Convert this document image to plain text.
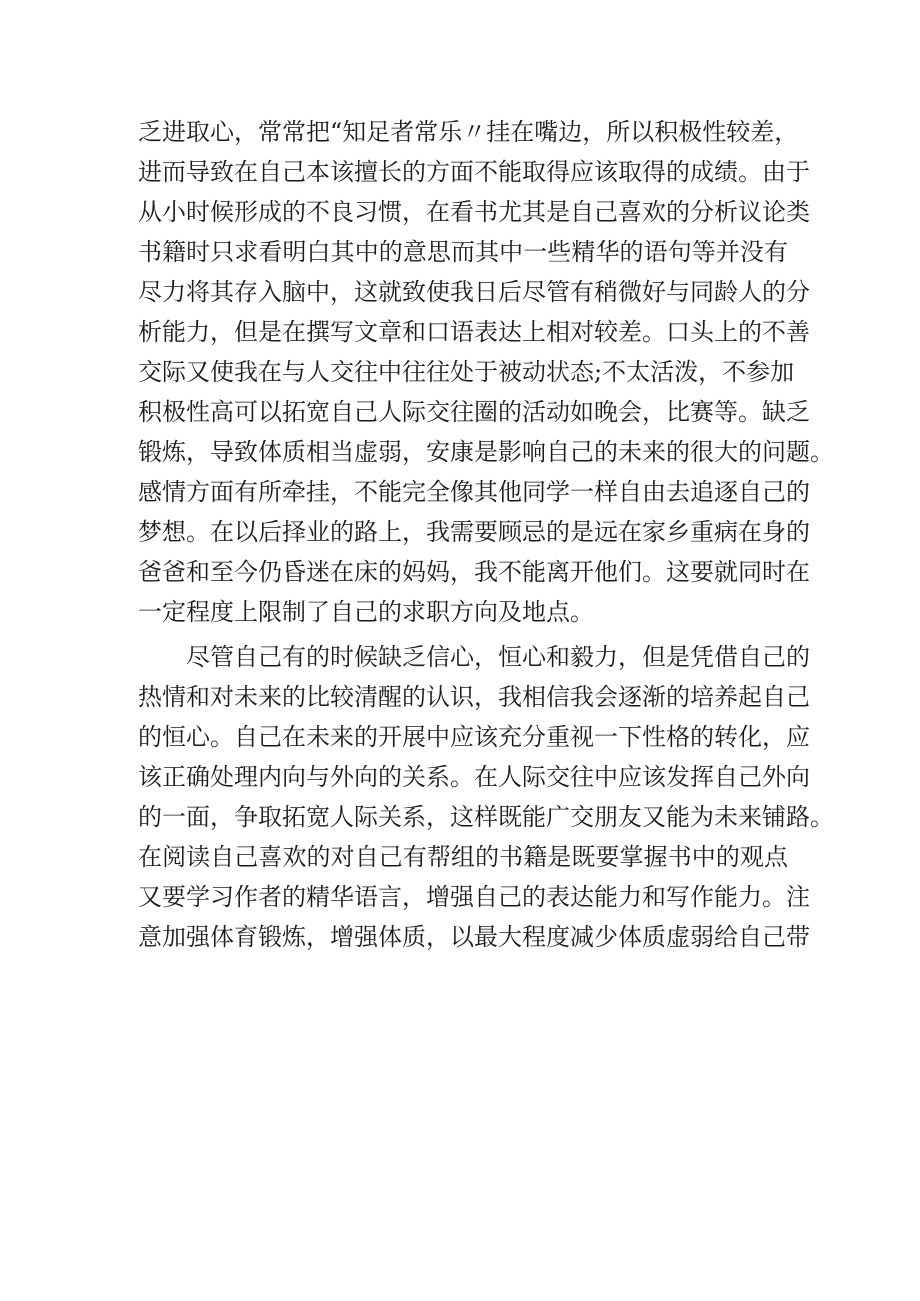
乏进取心，常常把“知足者常乐〃挂在嘴边，所以积极性较差，
进而导致在自己本该擅长的方面不能取得应该取得的成绩。由于
从小时候形成的不良习惯，在看书尤其是自己喜欢的分析议论类
书籍时只求看明白其中的意思而其中一些精华的语句等并没有
尽力将其存入脑中，这就致使我日后尽管有稍微好与同龄人的分
析能力，但是在撰写文章和口语表达上相对较差。口头上的不善
交际又使我在与人交往中往往处于被动状态;不太活泼，不参加
积极性高可以拓宽自己人际交往圈的活动如晚会，比赛等。缺乏
锻炼，导致体质相当虚弱，安康是影响自己的未来的很大的问题。
感情方面有所牵挂，不能完全像其他同学一样自由去追逐自己的
梦想。在以后择业的路上，我需要顾忌的是远在家乡重病在身的
爸爸和至今仍昏迷在床的妈妈，我不能离开他们。这要就同时在
一定程度上限制了自己的求职方向及地点。
尽管自己有的时候缺乏信心，恒心和毅力，但是凭借自己的
热情和对未来的比较清醒的认识，我相信我会逐渐的培养起自己
的恒心。自己在未来的开展中应该充分重视一下性格的转化，应
该正确处理内向与外向的关系。在人际交往中应该发挥自己外向
的一面，争取拓宽人际关系，这样既能广交朋友又能为未来铺路。
在阅读自己喜欢的对自己有帮组的书籍是既要掌握书中的观点
又要学习作者的精华语言，增强自己的表达能力和写作能力。注
意加强体育锻炼，增强体质，以最大程度减少体质虚弱给自己带
